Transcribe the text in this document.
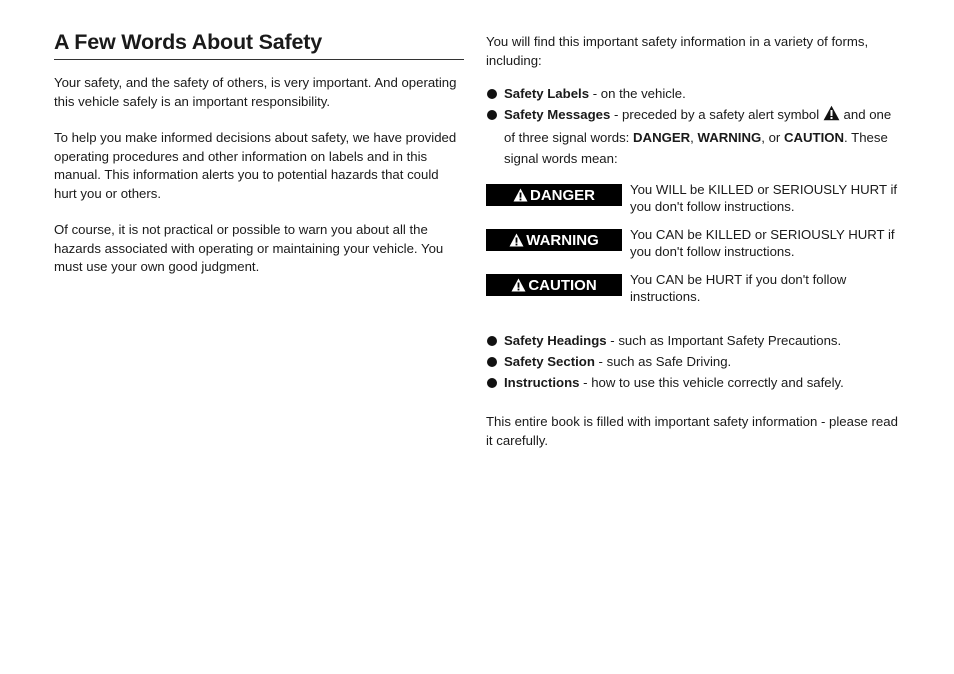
A Few Words About Safety

Your safety, and the safety of others, is very important. And operating this vehicle safely is an important responsibility.

To help you make informed decisions about safety, we have provided operating procedures and other information on labels and in this manual. This information alerts you to potential hazards that could hurt you or others.

Of course, it is not practical or possible to warn you about all the hazards associated with operating or maintaining your vehicle. You must use your own good judgment.

You will find this important safety information in a variety of forms, including:

Safety Labels - on the vehicle.
Safety Messages - preceded by a safety alert symbol  and one of three signal words: DANGER, WARNING, or CAUTION. These signal words mean:
DANGER	You WILL be KILLED or SERIOUSLY HURT if you don't follow instructions.
WARNING You CAN be KILLED or SERIOUSLY HURT if you don't follow instructions.
CAUTION	You CAN be HURT if you don't follow instructions.
Safety Headings - such as Important Safety Precautions.
Safety Section - such as Safe Driving.
Instructions - how to use this vehicle correctly and safely.

This entire book is filled with important safety information - please read it carefully.
